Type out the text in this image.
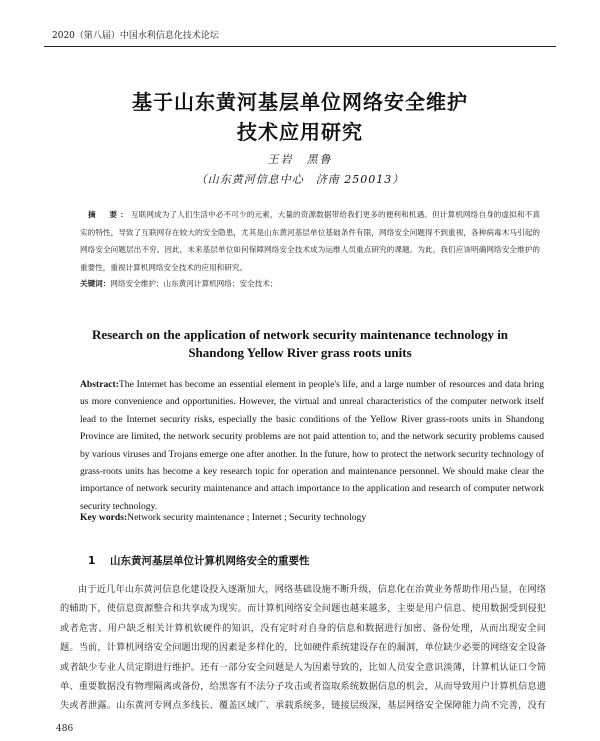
2020（第八届）中国水利信息化技术论坛
基于山东黄河基层单位网络安全维护
技术应用研究
王岩　黑鲁
（山东黄河信息中心　济南 250013）
摘　要：互联网成为了人们生活中必不可少的元素，大量的资源数据带给我们更多的便利和机遇。但计算机网络自身的虚拟和不真实的特性，导致了互联网存在较大的安全隐患，尤其是山东黄河基层单位基础条件有限，网络安全问题得不到重视，各种病毒木马引起的网络安全问题层出不穷。因此，未来基层单位如何保障网络安全技术成为运维人员重点研究的课题。为此，我们应该明确网络安全维护的重要性，重视计算机网络安全技术的应用和研究。
关键词：网络安全维护；山东黄河计算机网络；安全技术；
Research on the application of network security maintenance technology in
Shandong Yellow River grass roots units
Abstract:The Internet has become an essential element in people's life, and a large number of resources and data bring us more convenience and opportunities. However, the virtual and unreal characteristics of the computer network itself lead to the Internet security risks, especially the basic conditions of the Yellow River grass-roots units in Shandong Province are limited, the network security problems are not paid attention to, and the network security problems caused by various viruses and Trojans emerge one after another. In the future, how to protect the network security technology of grass-roots units has become a key research topic for operation and maintenance personnel. We should make clear the importance of network security maintenance and attach importance to the application and research of computer network security technology.
Key words:Network security maintenance ; Internet ; Security technology
1 山东黄河基层单位计算机网络安全的重要性
由于近几年山东黄河信息化建设投入逐渐加大，网络基础设施不断升级，信息化在治黄业务帮助作用凸显，在网络的辅助下，使信息资源整合和共享成为现实。而计算机网络安全问题也越来越多，主要是用户信息、使用数据受到侵犯或者危害、用户缺乏相关计算机软硬件的知识，没有定时对自身的信息和数据进行加密、备份处理，从而出现安全问题。当前，计算机网络安全问题出现的因素是多样化的，比如硬件系统建设存在的漏洞，单位缺少必要的网络安全设备或者缺少专业人员定期进行维护。还有一部分安全问题是人为因素导致的，比如人员安全意识淡薄，计算机认证口令简单、重要数据没有物理隔离或备份，给黑客有不法分子攻击或者盗取系统数据信息的机会，从而导致用户计算机信息遗失或者泄露。山东黄河专网点多线长、覆盖区域广、承载系统多，链接层级深，基层网络安全保障能力尚不完善，没有
486
